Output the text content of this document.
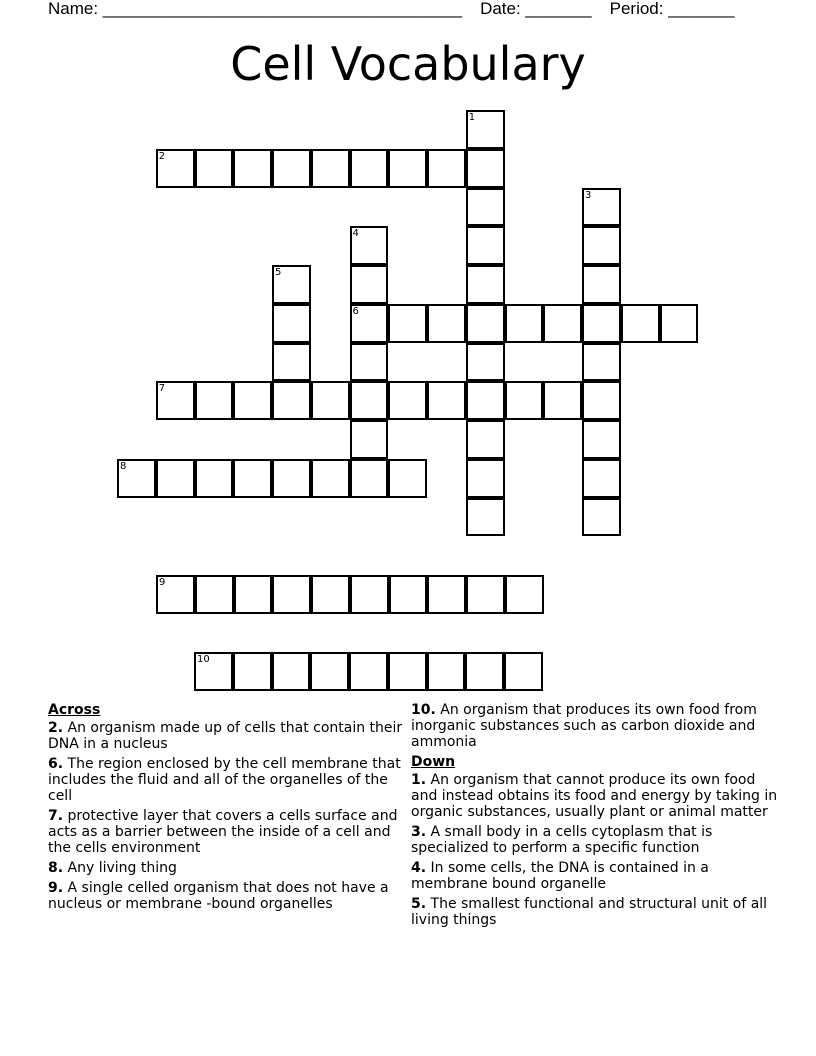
Name: ______________________________________ Date: _______ Period: _______
Cell Vocabulary
1
2
3
4
6
5
7
8
9
10
Across
2. An organism made up of cells that contain their DNA in a nucleus
6. The region enclosed by the cell membrane that includes the fluid and all of the organelles of the cell
7. protective layer that covers a cells surface and acts as a barrier between the inside of a cell and the cells environment
8. Any living thing
9. A single celled organism that does not have a nucleus or membrane -bound organelles
10. An organism that produces its own food from inorganic substances such as carbon dioxide and ammonia
Down
1. An organism that cannot produce its own food and instead obtains its food and energy by taking in organic substances, usually plant or animal matter
3. A small body in a cells cytoplasm that is specialized to perform a specific function
4. In some cells, the DNA is contained in a membrane bound organelle
5. The smallest functional and structural unit of all living things
